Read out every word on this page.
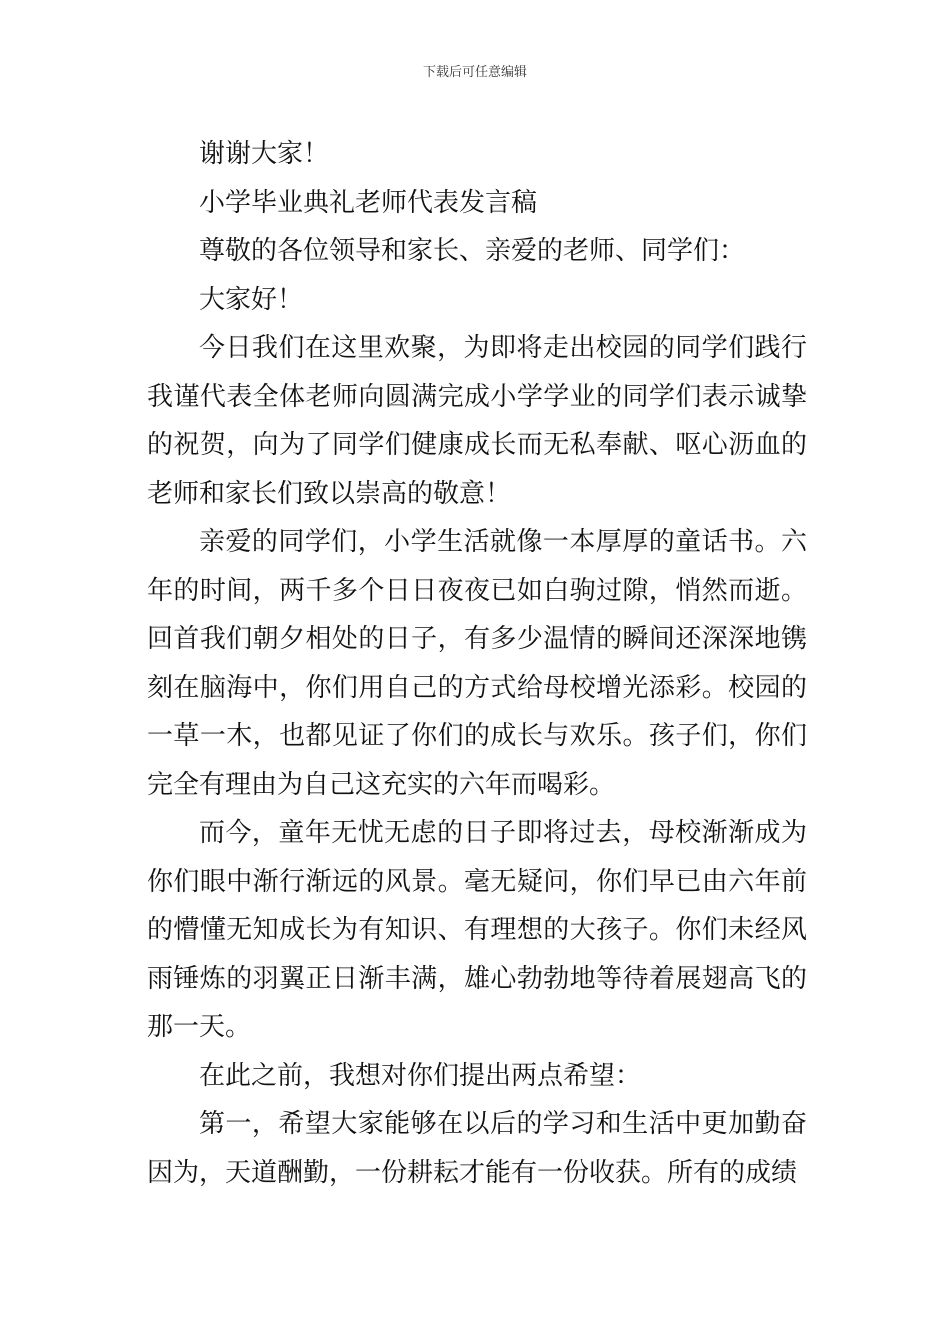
下载后可任意编辑

谢谢大家！

小学毕业典礼老师代表发言稿

尊敬的各位领导和家长、亲爱的老师、同学们：

大家好！

今日我们在这里欢聚，为即将走出校园的同学们践行我谨代表全体老师向圆满完成小学学业的同学们表示诚挚的祝贺，向为了同学们健康成长而无私奉献、呕心沥血的老师和家长们致以崇高的敬意！

亲爱的同学们，小学生活就像一本厚厚的童话书。六年的时间，两千多个日日夜夜已如白驹过隙，悄然而逝。回首我们朝夕相处的日子，有多少温情的瞬间还深深地镌刻在脑海中，你们用自己的方式给母校增光添彩。校园的一草一木，也都见证了你们的成长与欢乐。孩子们，你们完全有理由为自己这充实的六年而喝彩。

而今，童年无忧无虑的日子即将过去，母校渐渐成为你们眼中渐行渐远的风景。毫无疑问，你们早已由六年前的懵懂无知成长为有知识、有理想的大孩子。你们未经风雨锤炼的羽翼正日渐丰满，雄心勃勃地等待着展翅高飞的那一天。

在此之前，我想对你们提出两点希望：

第一，希望大家能够在以后的学习和生活中更加勤奋因为，天道酬勤，一份耕耘才能有一份收获。所有的成绩
